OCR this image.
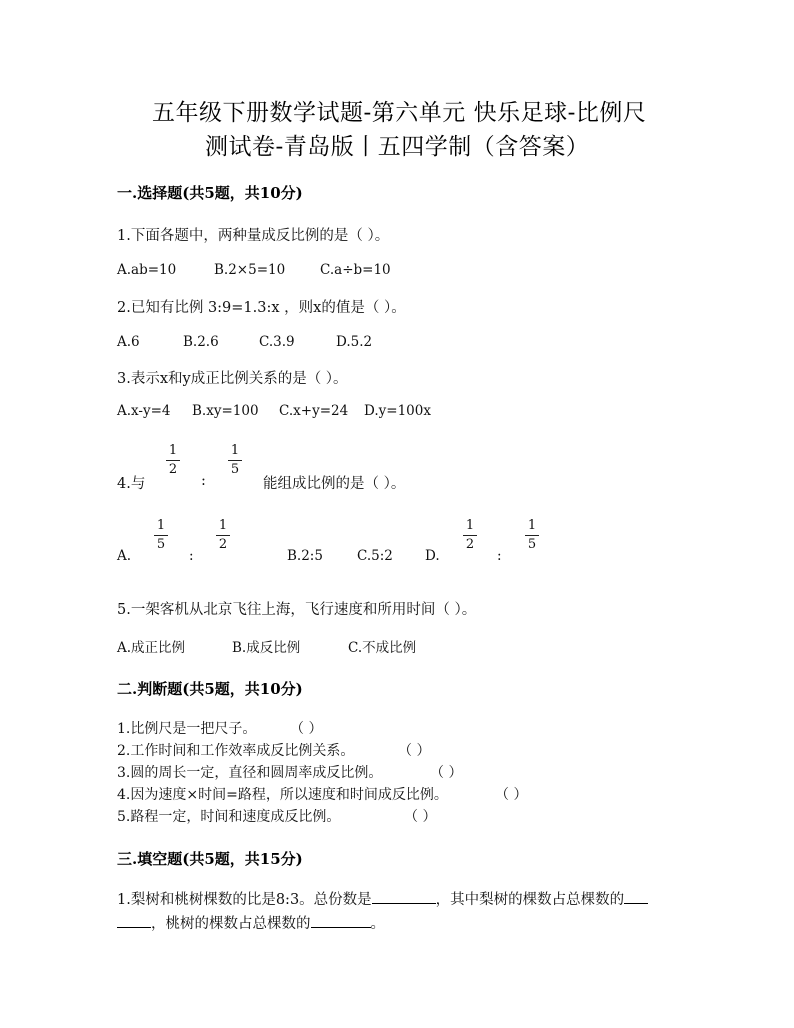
五年级下册数学试题-第六单元 快乐足球-比例尺
测试卷-青岛版丨五四学制（含答案）
一.选择题(共5题，共10分)
1.下面各题中，两种量成反比例的是（ ）。
A.ab=10	B.2×5=10	C.a÷b=10
2.已知有比例 3:9=1.3:x ，则x的值是（ ）。
A.6	B.2.6	C.3.9	D.5.2
3.表示x和y成正比例关系的是（ ）。
A.x-y=4 B.xy=100 C.x+y=24 D.y=100x
4.与
1
2
:
1
5
能组成比例的是（ ）。
A.
1
5
:
1
2
B.2:5	C.5:2 D.
1
2
:
1
5
5.一架客机从北京飞往上海，飞行速度和所用时间（ ）。
A.成正比例	B.成反比例	C.不成比例
二.判断题(共5题，共10分)
1.比例尺是一把尺子。 （ ）
2.工作时间和工作效率成反比例关系。	（ ）
3.圆的周长一定，直径和圆周率成反比例。	（ ）
4.因为速度×时间=路程，所以速度和时间成反比例。	（ ）
5.路程一定，时间和速度成反比例。	（ ）
三.填空题(共5题，共15分)
1.梨树和桃树棵数的比是8:3。总份数是	，其中梨树的棵数占总棵数的
，桃树的棵数占总棵数的	。
